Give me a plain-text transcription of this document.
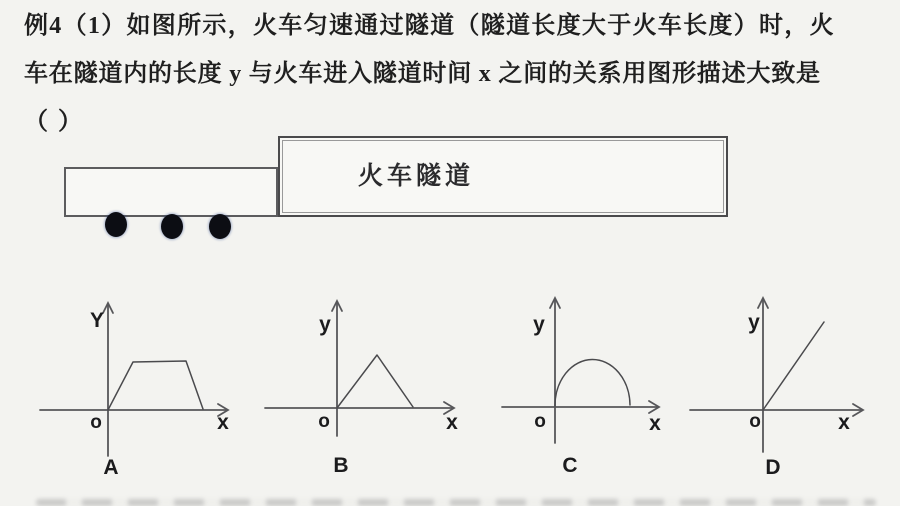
例4（1）如图所示，火车匀速通过隧道（隧道长度大于火车长度）时，火
车在隧道内的长度 y 与火车进入隧道时间 x 之间的关系用图形描述大致是
（ ）
火车隧道
Y
o	x
A
y
o	x
B
y
o	x
C
y
o	x
D
